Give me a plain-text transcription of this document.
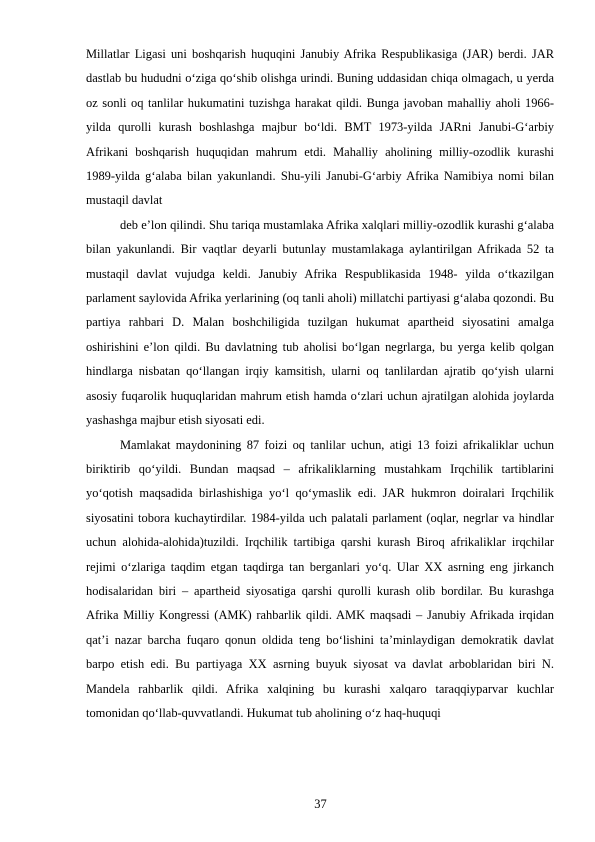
Millatlar Ligasi uni boshqarish huquqini Janubiy Afrika Respublikasiga (JAR) berdi. JAR dastlab bu hududni o‘ziga qo‘shib olishga urindi. Buning uddasidan chiqa olmagach, u yerda oz sonli oq tanlilar hukumatini tuzishga harakat qildi. Bunga javoban mahalliy aholi 1966-yilda qurolli kurash boshlashga majbur bo‘ldi. BMT 1973-yilda JARni Janubi-G‘arbiy Afrikani boshqarish huquqidan mahrum etdi. Mahalliy aholining milliy-ozodlik kurashi 1989-yilda g‘alaba bilan yakunlandi. Shu-yili Janubi-G‘arbiy Afrika Namibiya nomi bilan mustaqil davlat

deb e’lon qilindi. Shu tariqa mustamlaka Afrika xalqlari milliy-ozodlik kurashi g‘alaba bilan yakunlandi. Bir vaqtlar deyarli butunlay mustamlakaga aylantirilgan Afrikada 52 ta mustaqil davlat vujudga keldi. Janubiy Afrika Respublikasida 1948- yilda o‘tkazilgan parlament saylovida Afrika yerlarining (oq tanli aholi) millatchi partiyasi g‘alaba qozondi. Bu partiya rahbari D. Malan boshchiligida tuzilgan hukumat apartheid siyosatini amalga oshirishini e’lon qildi. Bu davlatning tub aholisi bo‘lgan negrlarga, bu yerga kelib qolgan hindlarga nisbatan qo‘llangan irqiy kamsitish, ularni oq tanlilardan ajratib qo‘yish ularni asosiy fuqarolik huquqlaridan mahrum etish hamda o‘zlari uchun ajratilgan alohida joylarda yashashga majbur etish siyosati edi.

Mamlakat maydonining 87 foizi oq tanlilar uchun, atigi 13 foizi afrikaliklar uchun biriktirib qo‘yildi. Bundan maqsad – afrikaliklarning mustahkam Irqchilik tartiblarini yo‘qotish maqsadida birlashishiga yo‘l qo‘ymaslik edi. JAR hukmron doiralari Irqchilik siyosatini tobora kuchaytirdilar. 1984-yilda uch palatali parlament (oqlar, negrlar va hindlar uchun alohida-alohida)tuzildi. Irqchilik tartibiga qarshi kurash Biroq afrikaliklar irqchilar rejimi o‘zlariga taqdim etgan taqdirga tan berganlari yo‘q. Ular XX asrning eng jirkanch hodisalaridan biri – apartheid siyosatiga qarshi qurolli kurash olib bordilar. Bu kurashga Afrika Milliy Kongressi (AMK) rahbarlik qildi. AMK maqsadi – Janubiy Afrikada irqidan qat’i nazar barcha fuqaro qonun oldida teng bo‘lishini ta’minlaydigan demokratik davlat barpo etish edi. Bu partiyaga XX asrning buyuk siyosat va davlat arboblaridan biri N. Mandela rahbarlik qildi. Afrika xalqining bu kurashi xalqaro taraqqiyparvar kuchlar tomonidan qo‘llab-quvvatlandi. Hukumat tub aholining o‘z haq-huquqi

37
